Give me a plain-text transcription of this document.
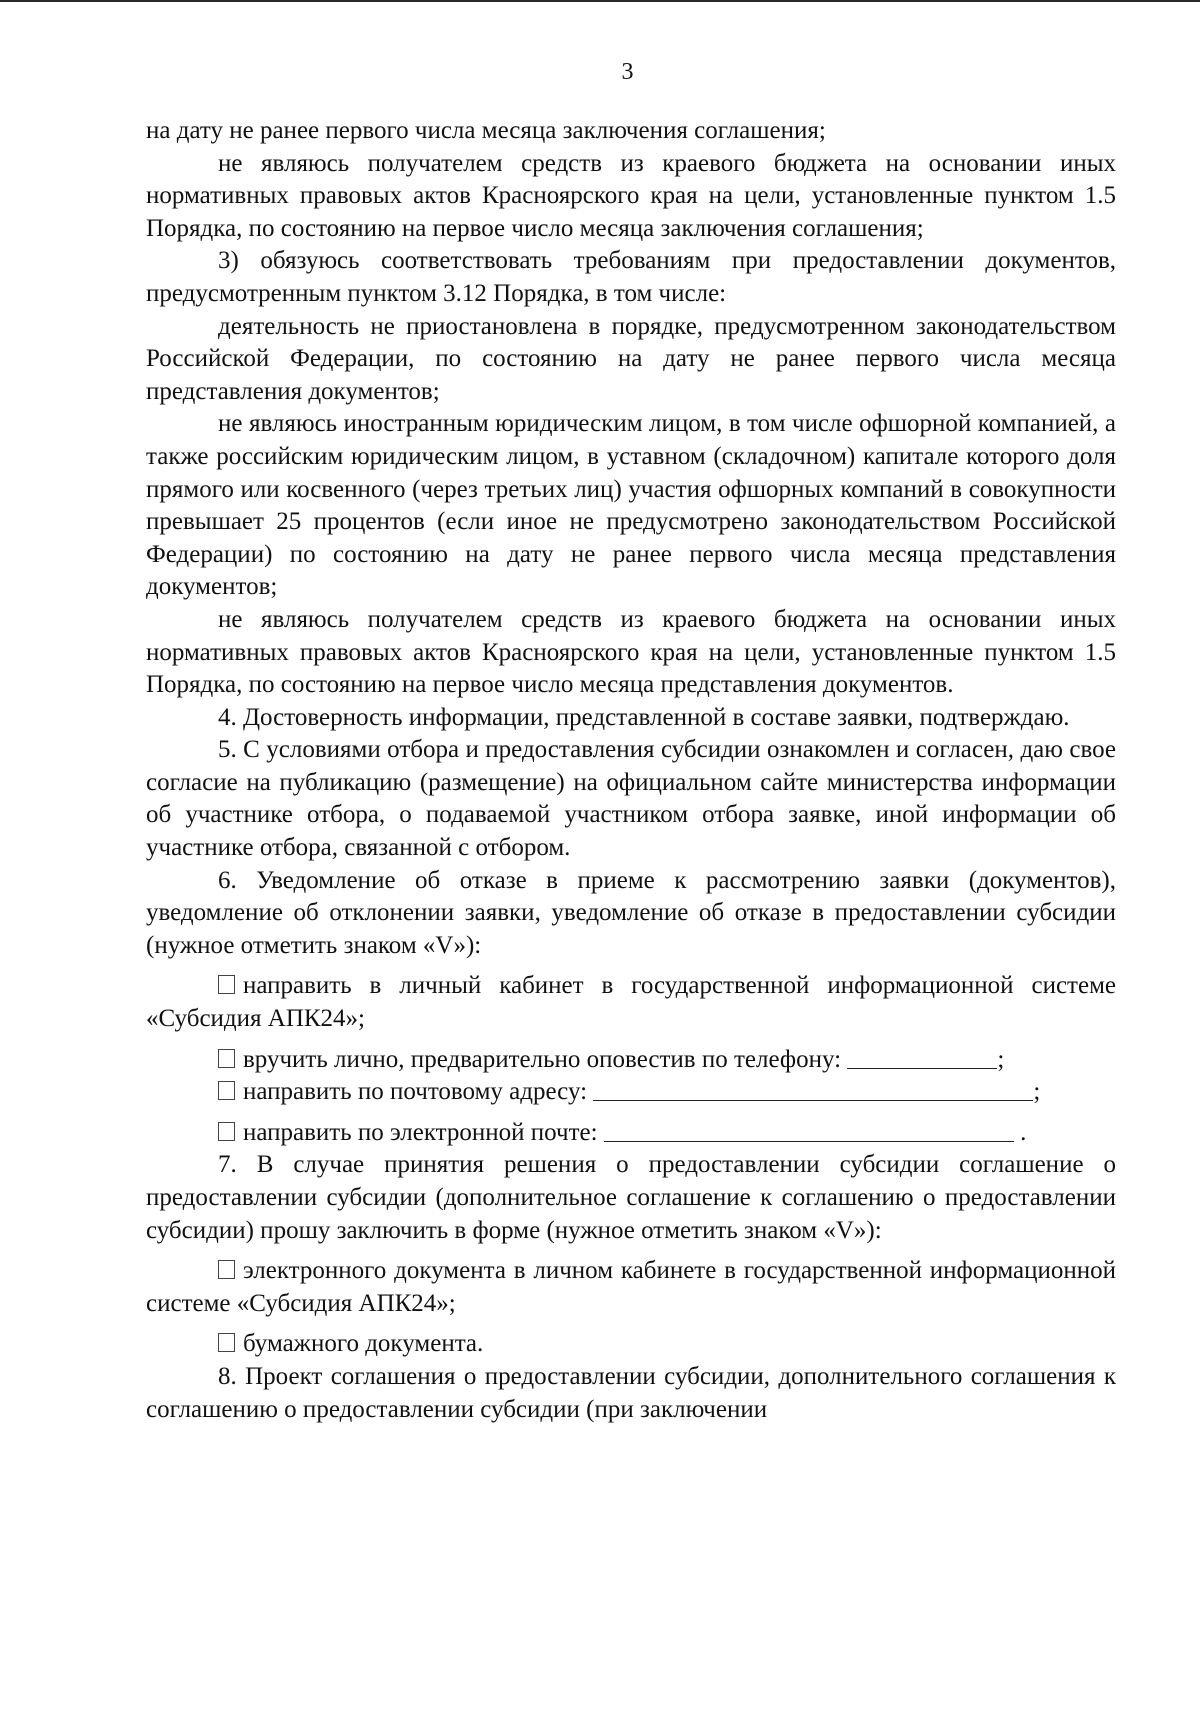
3

на дату не ранее первого числа месяца заключения соглашения;

не являюсь получателем средств из краевого бюджета на основании иных нормативных правовых актов Красноярского края на цели, установленные пунктом 1.5 Порядка, по состоянию на первое число месяца заключения соглашения;

3) обязуюсь соответствовать требованиям при предоставлении документов, предусмотренным пунктом 3.12 Порядка, в том числе:

деятельность не приостановлена в порядке, предусмотренном законодательством Российской Федерации, по состоянию на дату не ранее первого числа месяца представления документов;

не являюсь иностранным юридическим лицом, в том числе офшорной компанией, а также российским юридическим лицом, в уставном (складочном) капитале которого доля прямого или косвенного (через третьих лиц) участия офшорных компаний в совокупности превышает 25 процентов (если иное не предусмотрено законодательством Российской Федерации) по состоянию на дату не ранее первого числа месяца представления документов;

не являюсь получателем средств из краевого бюджета на основании иных нормативных правовых актов Красноярского края на цели, установленные пунктом 1.5 Порядка, по состоянию на первое число месяца представления документов.

4. Достоверность информации, представленной в составе заявки, подтверждаю.

5. С условиями отбора и предоставления субсидии ознакомлен и согласен, даю свое согласие на публикацию (размещение) на официальном сайте министерства информации об участнике отбора, о подаваемой участником отбора заявке, иной информации об участнике отбора, связанной с отбором.

6. Уведомление об отказе в приеме к рассмотрению заявки (документов), уведомление об отклонении заявки, уведомление об отказе в предоставлении субсидии (нужное отметить знаком «V»):

направить в личный кабинет в государственной информационной системе «Субсидия АПК24»;

вручить лично, предварительно оповестив по телефону:	;

направить по почтовому адресу:	;

направить по электронной почте:	.

7. В случае принятия решения о предоставлении субсидии соглашение о предоставлении субсидии (дополнительное соглашение к соглашению о предоставлении субсидии) прошу заключить в форме (нужное отметить знаком «V»):

электронного документа в личном кабинете в государственной информационной системе «Субсидия АПК24»;

бумажного документа.

8. Проект соглашения о предоставлении субсидии, дополнительного соглашения к соглашению о предоставлении субсидии (при заключении
